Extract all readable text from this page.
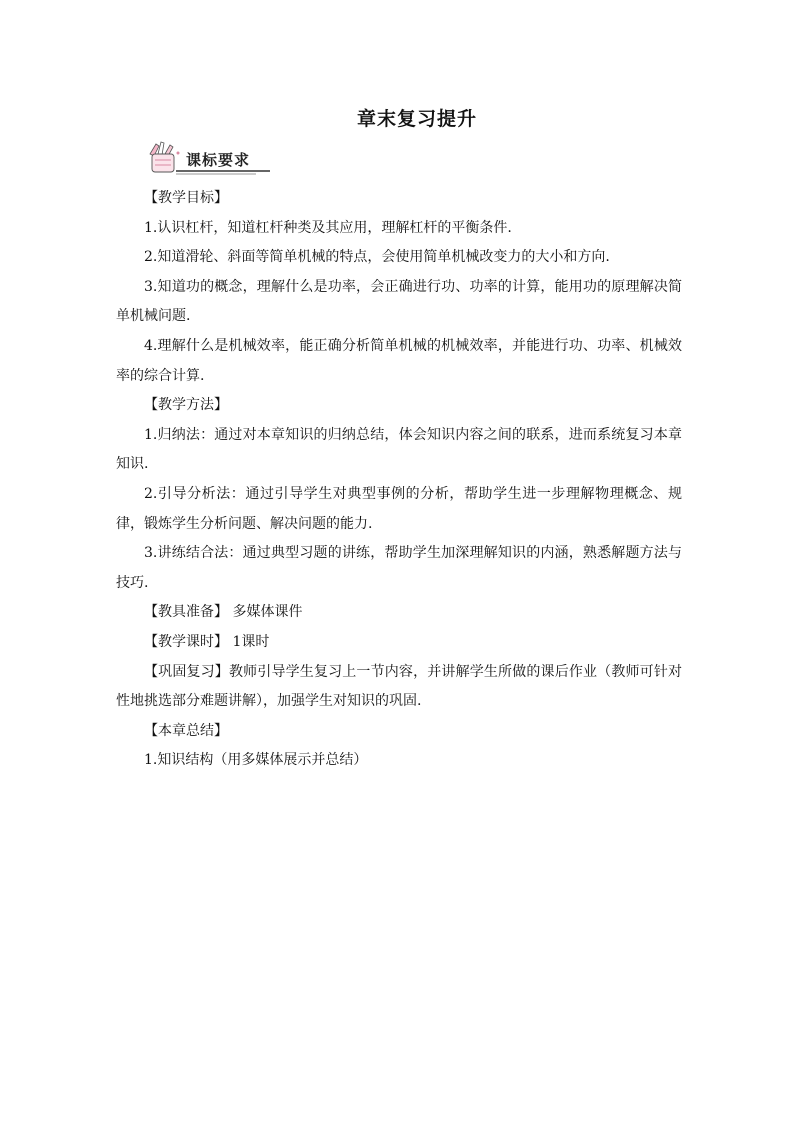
章末复习提升
课标要求

【教学目标】

1.认识杠杆，知道杠杆种类及其应用，理解杠杆的平衡条件.

2.知道滑轮、斜面等简单机械的特点，会使用简单机械改变力的大小和方向.

3.知道功的概念，理解什么是功率，会正确进行功、功率的计算，能用功的原理解决简单机械问题.

4.理解什么是机械效率，能正确分析简单机械的机械效率，并能进行功、功率、机械效率的综合计算.

【教学方法】

1.归纳法：通过对本章知识的归纳总结，体会知识内容之间的联系，进而系统复习本章知识.

2.引导分析法：通过引导学生对典型事例的分析，帮助学生进一步理解物理概念、规律，锻炼学生分析问题、解决问题的能力.

3.讲练结合法：通过典型习题的讲练，帮助学生加深理解知识的内涵，熟悉解题方法与技巧.

【教具准备】 多媒体课件

【教学课时】 1课时

【巩固复习】教师引导学生复习上一节内容，并讲解学生所做的课后作业（教师可针对性地挑选部分难题讲解），加强学生对知识的巩固.

【本章总结】

1.知识结构（用多媒体展示并总结）
